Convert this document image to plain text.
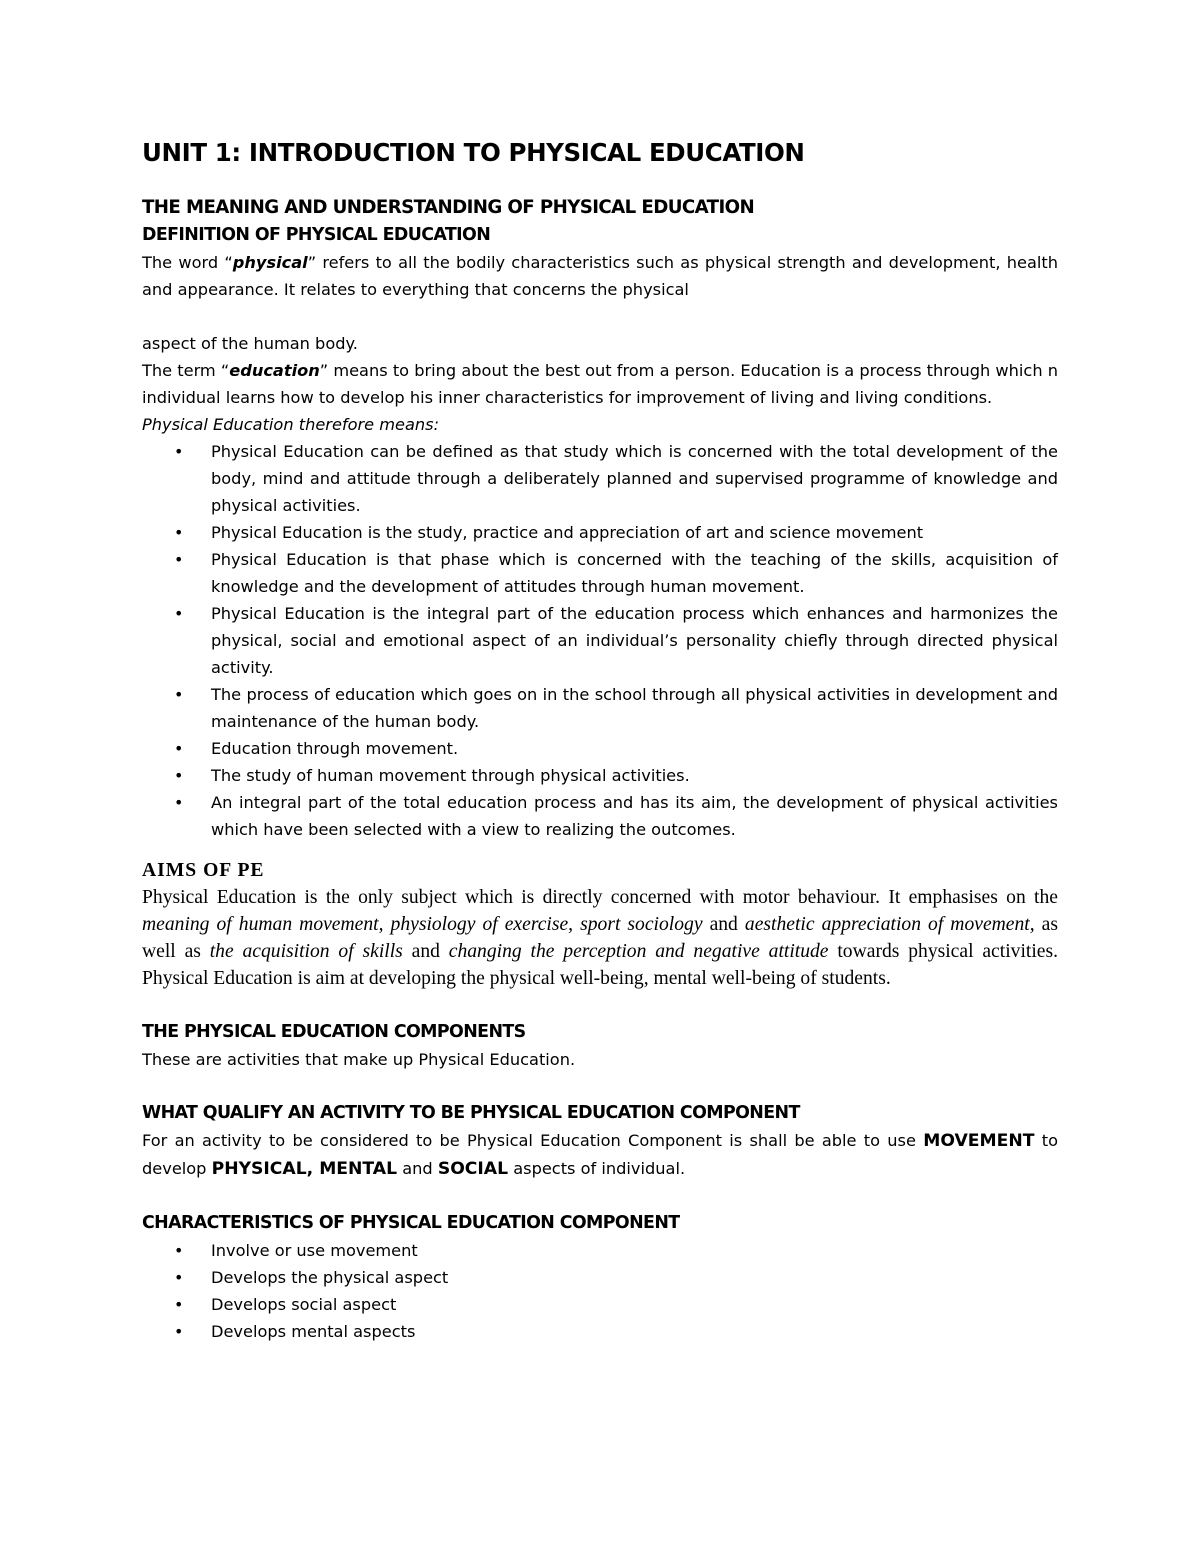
UNIT 1: INTRODUCTION TO PHYSICAL EDUCATION

THE MEANING AND UNDERSTANDING OF PHYSICAL EDUCATION

DEFINITION OF PHYSICAL EDUCATION

The word “physical” refers to all the bodily characteristics such as physical strength and development, health and appearance. It relates to everything that concerns the physical

aspect of the human body.

The term “education” means to bring about the best out from a person. Education is a process through which n individual learns how to develop his inner characteristics for improvement of living and living conditions.

Physical Education therefore means:

• Physical Education can be defined as that study which is concerned with the total development of the body, mind and attitude through a deliberately planned and supervised programme of knowledge and physical activities.
• Physical Education is the study, practice and appreciation of art and science movement
• Physical Education is that phase which is concerned with the teaching of the skills, acquisition of knowledge and the development of attitudes through human movement.
• Physical Education is the integral part of the education process which enhances and harmonizes the physical, social and emotional aspect of an individual’s personality chiefly through directed physical activity.
• The process of education which goes on in the school through all physical activities in development and maintenance of the human body.
• Education through movement.
• The study of human movement through physical activities.
• An integral part of the total education process and has its aim, the development of physical activities which have been selected with a view to realizing the outcomes.

AIMS OF PE

Physical Education is the only subject which is directly concerned with motor behaviour. It emphasises on the meaning of human movement, physiology of exercise, sport sociology and aesthetic appreciation of movement, as well as the acquisition of skills and changing the perception and negative attitude towards physical activities. Physical Education is aim at developing the physical well-being, mental well-being of students.

THE PHYSICAL EDUCATION COMPONENTS

These are activities that make up Physical Education.

WHAT QUALIFY AN ACTIVITY TO BE PHYSICAL EDUCATION COMPONENT

For an activity to be considered to be Physical Education Component is shall be able to use MOVEMENT to develop PHYSICAL, MENTAL and SOCIAL aspects of individual.

CHARACTERISTICS OF PHYSICAL EDUCATION COMPONENT

• Involve or use movement
• Develops the physical aspect
• Develops social aspect
• Develops mental aspects
